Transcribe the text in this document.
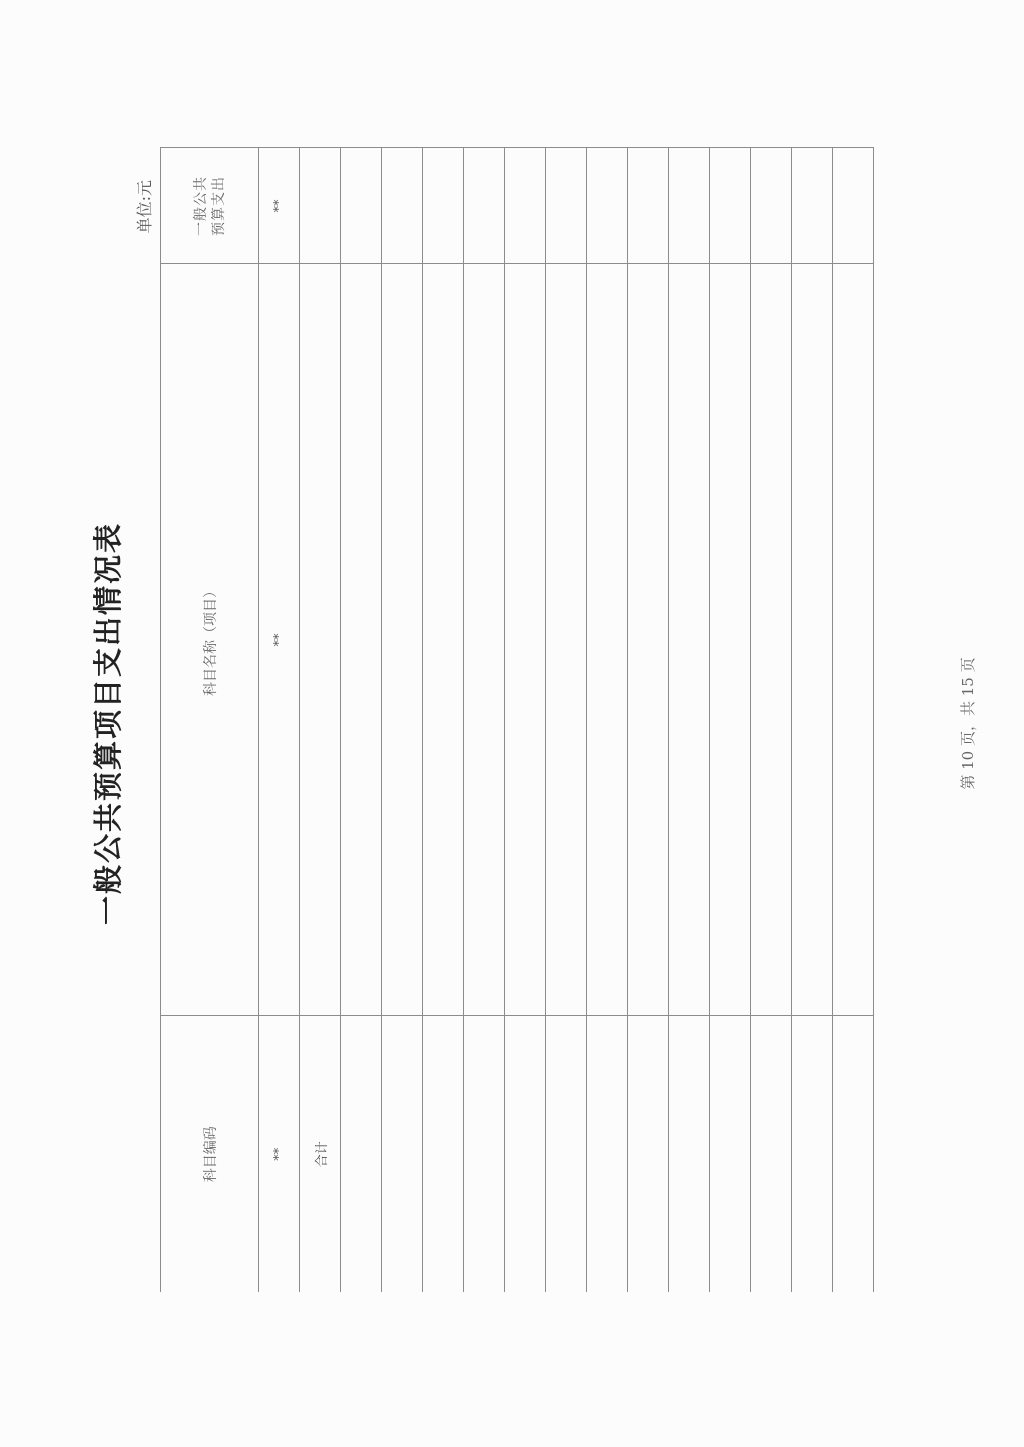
一般公共预算项目支出情况表
单位:元
科目编码	科目名称（项目）	一般公共预算支出
**	**	**
合计		

第 10 页，共 15 页
